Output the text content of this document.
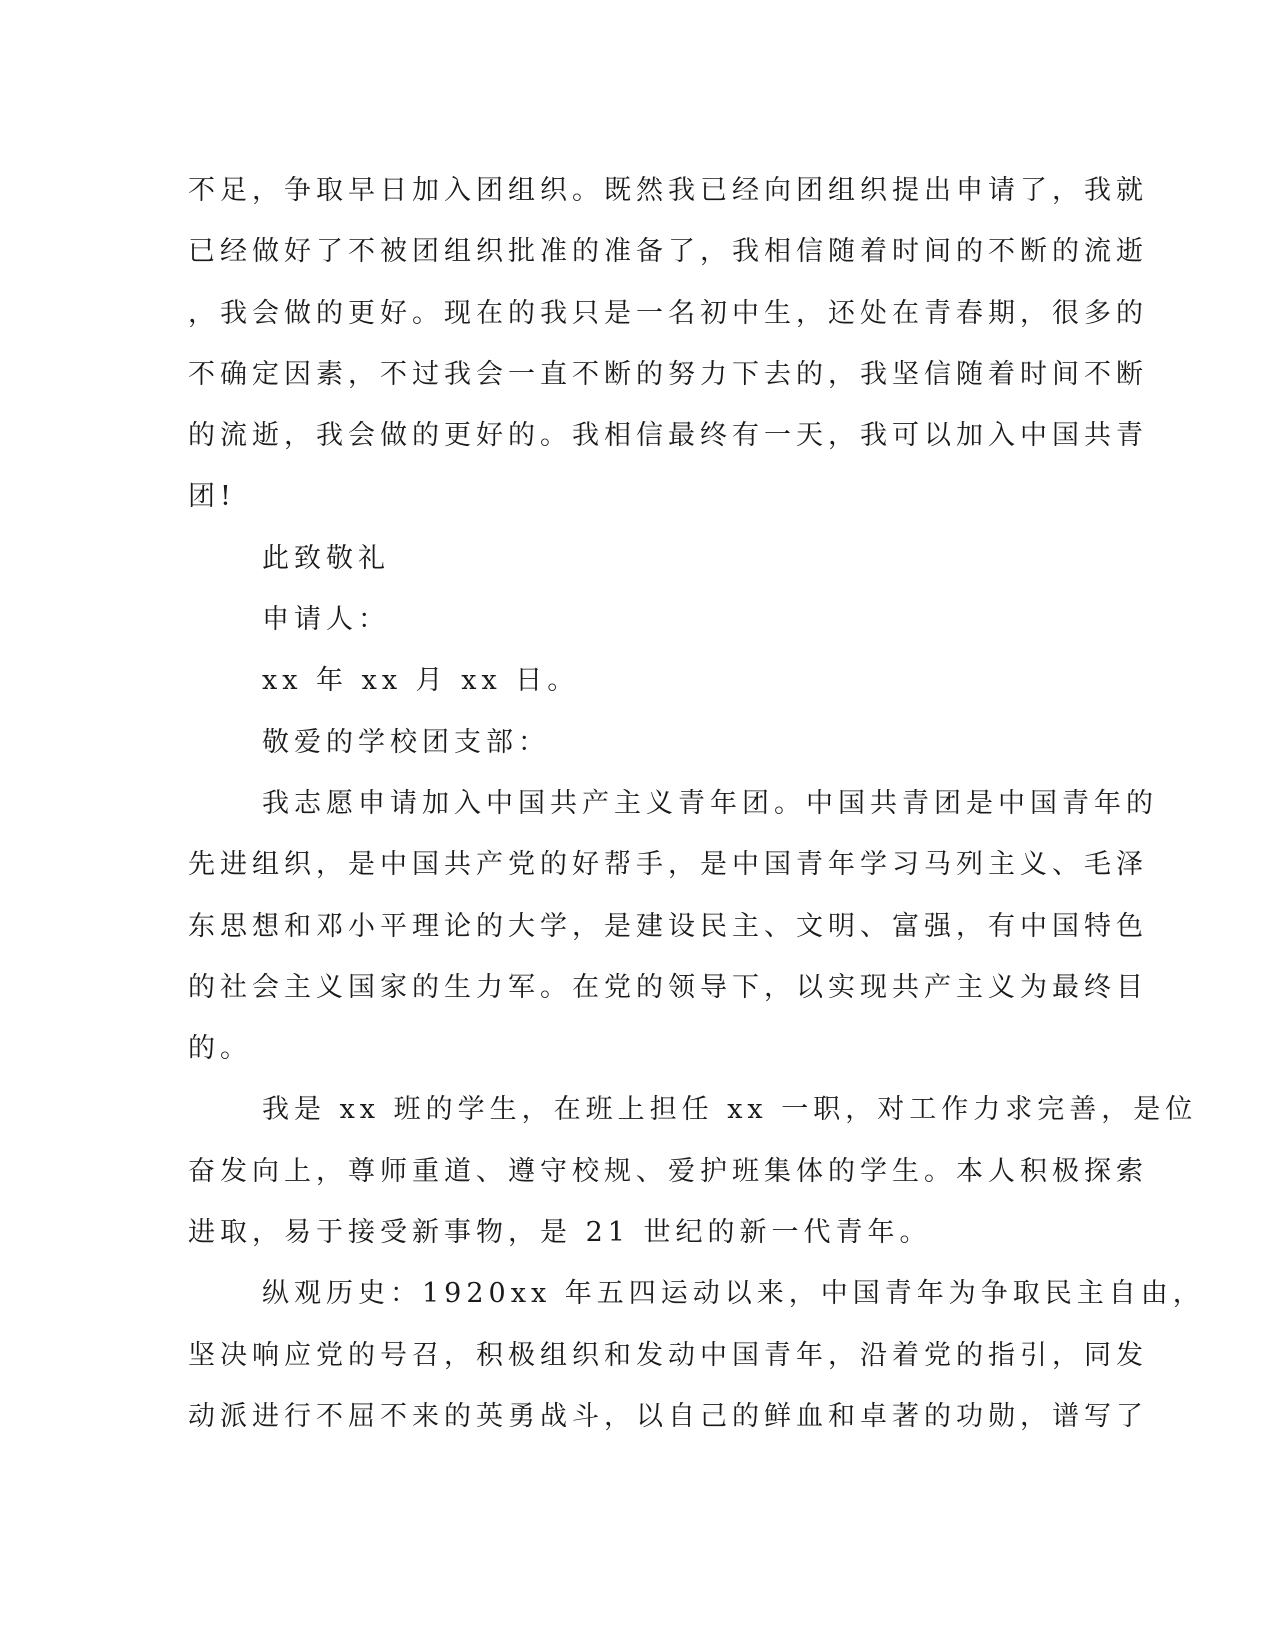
不足，争取早日加入团组织。既然我已经向团组织提出申请了，我就
已经做好了不被团组织批准的准备了，我相信随着时间的不断的流逝
，我会做的更好。现在的我只是一名初中生，还处在青春期，很多的
不确定因素，不过我会一直不断的努力下去的，我坚信随着时间不断
的流逝，我会做的更好的。我相信最终有一天，我可以加入中国共青
团!
此致敬礼
申请人：
xx 年 xx 月 xx 日。
敬爱的学校团支部：
我志愿申请加入中国共产主义青年团。中国共青团是中国青年的
先进组织，是中国共产党的好帮手，是中国青年学习马列主义、毛泽
东思想和邓小平理论的大学，是建设民主、文明、富强，有中国特色
的社会主义国家的生力军。在党的领导下，以实现共产主义为最终目
的。
我是 xx 班的学生，在班上担任 xx 一职，对工作力求完善，是位
奋发向上，尊师重道、遵守校规、爱护班集体的学生。本人积极探索
进取，易于接受新事物，是 21 世纪的新一代青年。
纵观历史：1920xx 年五四运动以来，中国青年为争取民主自由，
坚决响应党的号召，积极组织和发动中国青年，沿着党的指引，同发
动派进行不屈不来的英勇战斗，以自己的鲜血和卓著的功勋，谱写了
